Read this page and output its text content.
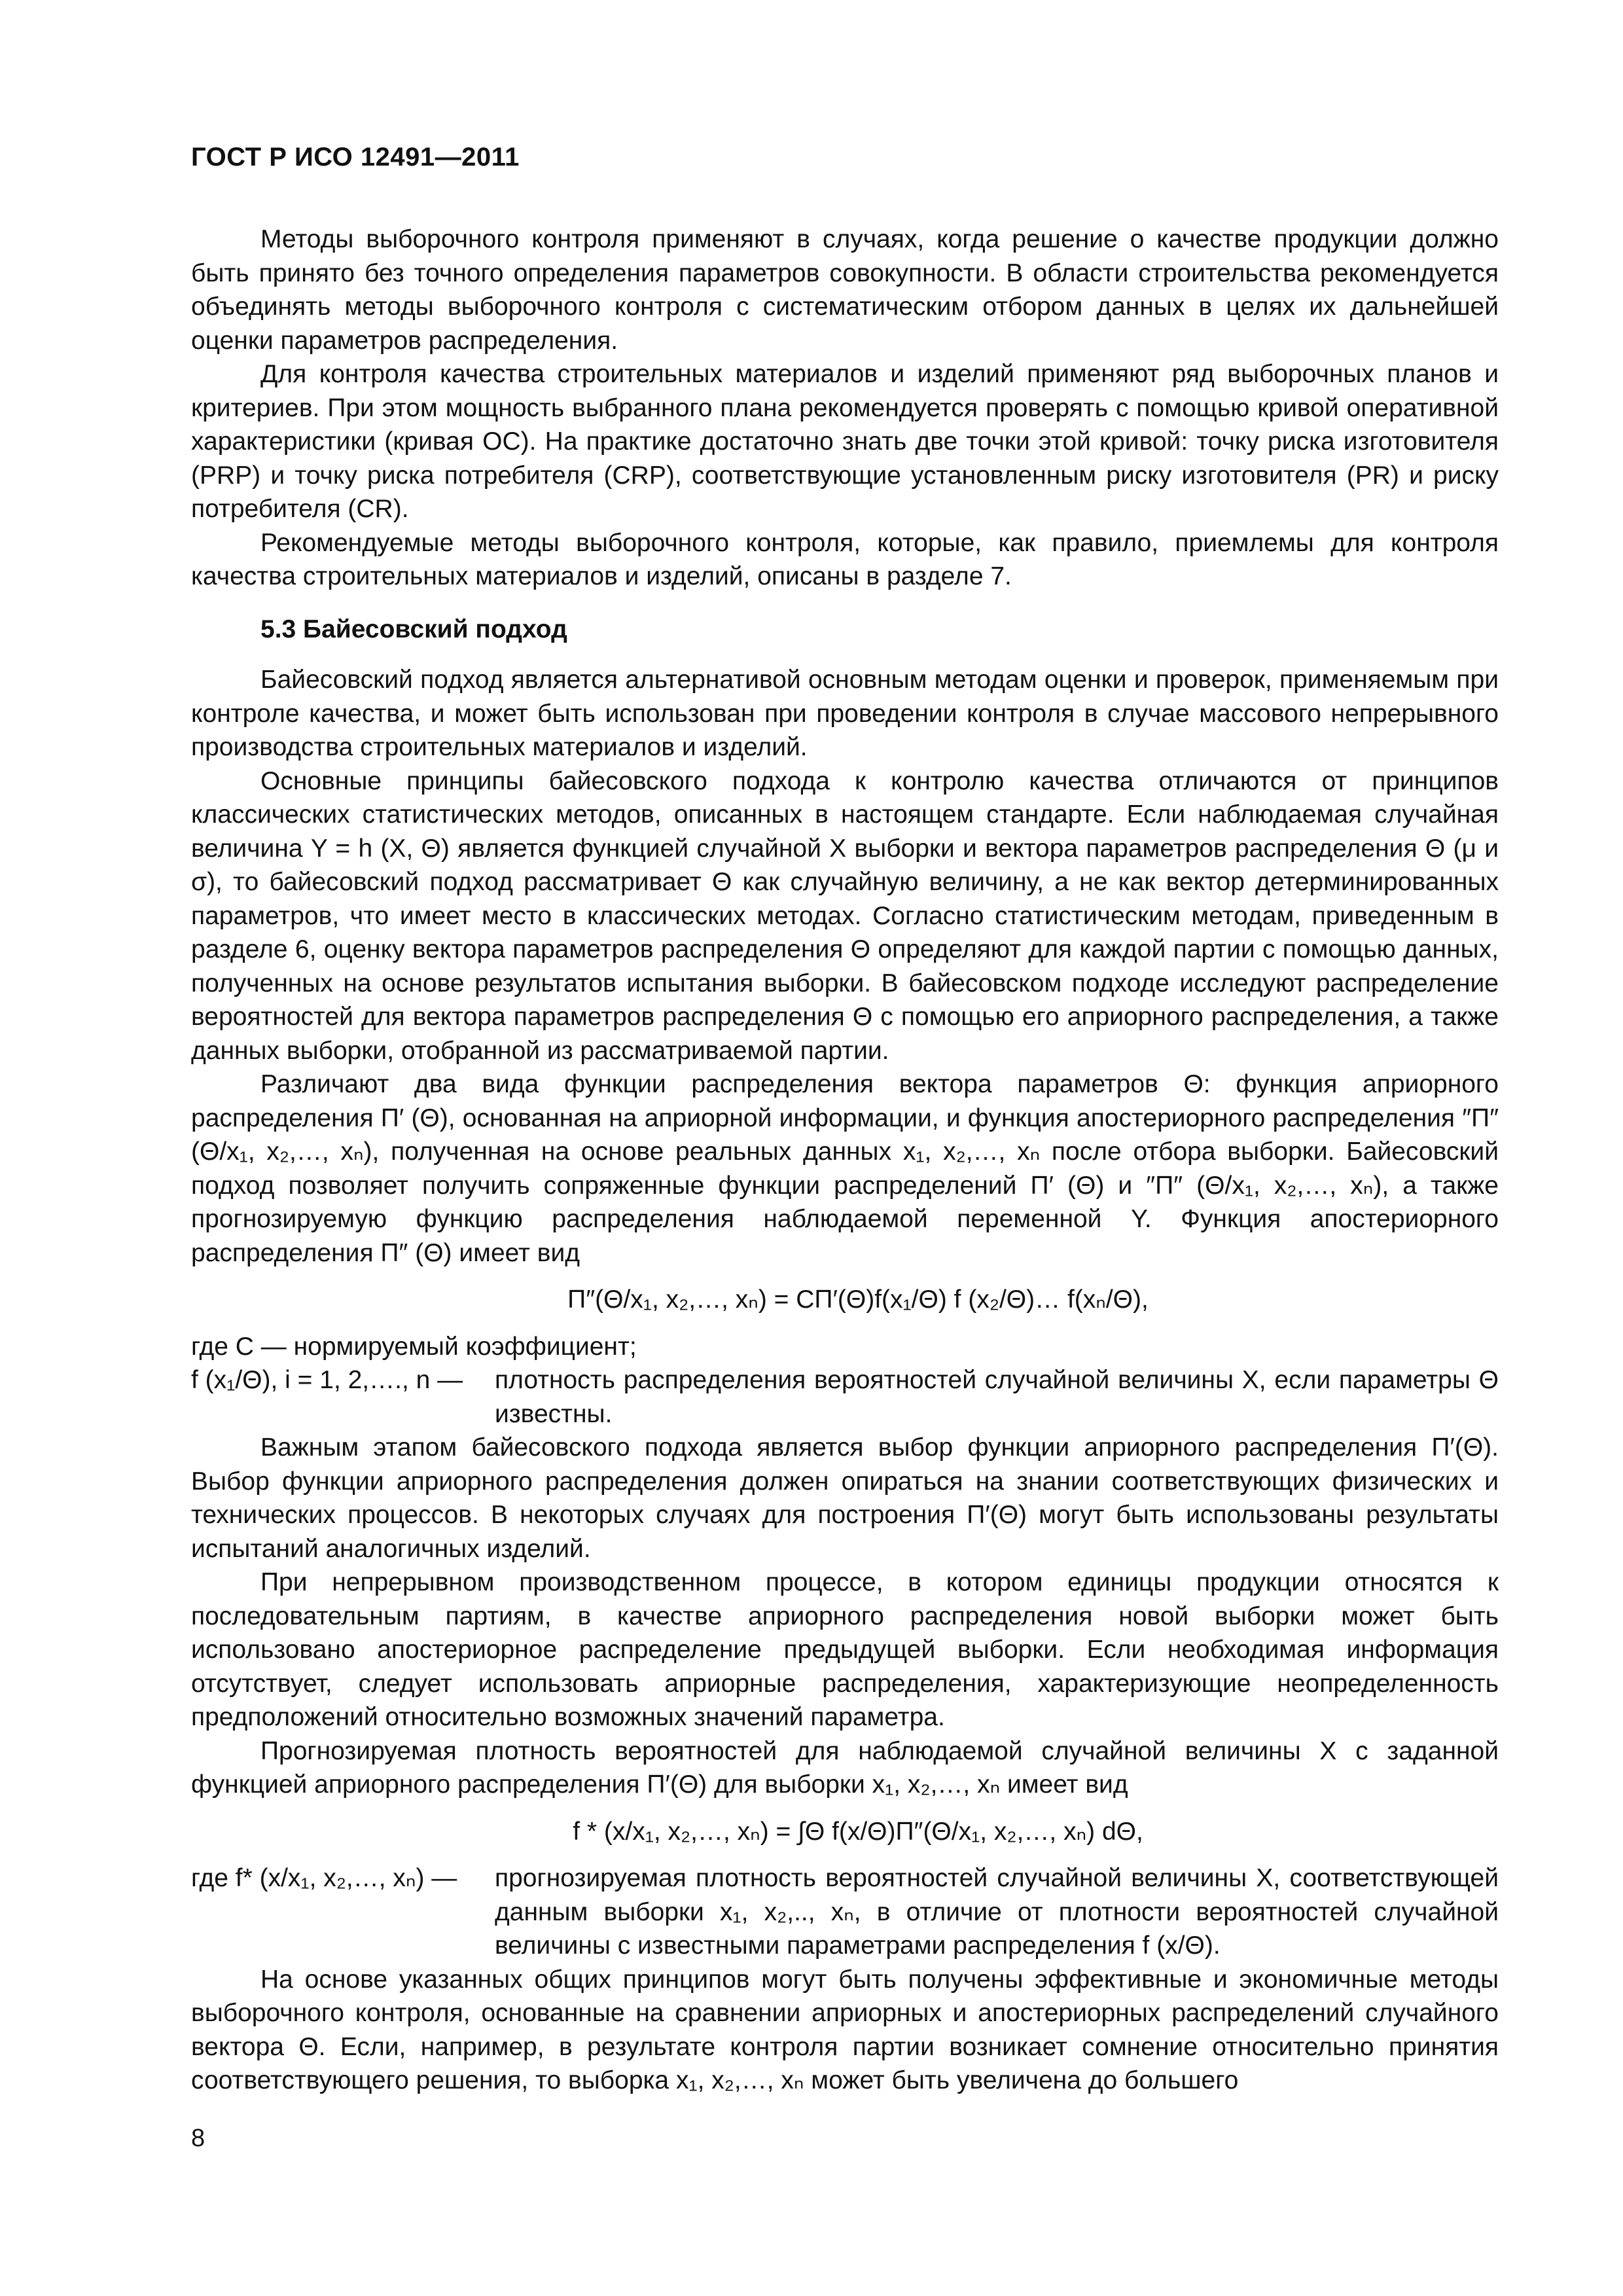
ГОСТ Р ИСО 12491—2011

Методы выборочного контроля применяют в случаях, когда решение о качестве продукции должно быть принято без точного определения параметров совокупности. В области строительства рекомендуется объединять методы выборочного контроля с систематическим отбором данных в целях их дальнейшей оценки параметров распределения.

Для контроля качества строительных материалов и изделий применяют ряд выборочных планов и критериев. При этом мощность выбранного плана рекомендуется проверять с помощью кривой оперативной характеристики (кривая ОС). На практике достаточно знать две точки этой кривой: точку риска изготовителя (PRP) и точку риска потребителя (CRP), соответствующие установленным риску изготовителя (PR) и риску потребителя (CR).

Рекомендуемые методы выборочного контроля, которые, как правило, приемлемы для контроля качества строительных материалов и изделий, описаны в разделе 7.

5.3 Байесовский подход

Байесовский подход является альтернативой основным методам оценки и проверок, применяемым при контроле качества, и может быть использован при проведении контроля в случае массового непрерывного производства строительных материалов и изделий.

Основные принципы байесовского подхода к контролю качества отличаются от принципов классических статистических методов, описанных в настоящем стандарте. Если наблюдаемая случайная величина Y = h (X, Θ) является функцией случайной X выборки и вектора параметров распределения Θ (μ и σ), то байесовский подход рассматривает Θ как случайную величину, а не как вектор детерминированных параметров, что имеет место в классических методах. Согласно статистическим методам, приведенным в разделе 6, оценку вектора параметров распределения Θ определяют для каждой партии с помощью данных, полученных на основе результатов испытания выборки. В байесовском подходе исследуют распределение вероятностей для вектора параметров распределения Θ с помощью его априорного распределения, а также данных выборки, отобранной из рассматриваемой партии.

Различают два вида функции распределения вектора параметров Θ: функция априорного распределения Π′ (Θ), основанная на априорной информации, и функция апостериорного распределения ″Π″ (Θ/x₁, x₂,…, xₙ), полученная на основе реальных данных x₁, x₂,…, xₙ после отбора выборки. Байесовский подход позволяет получить сопряженные функции распределений Π′ (Θ) и ″Π″ (Θ/x₁, x₂,…, xₙ), а также прогнозируемую функцию распределения наблюдаемой переменной Y. Функция апостериорного распределения Π″ (Θ) имеет вид

Π″(Θ/x₁, x₂,…, xₙ) = CΠ′(Θ)f(x₁/Θ) f (x₂/Θ)… f(xₙ/Θ),

где C — нормируемый коэффициент;

f (x₁/Θ), i = 1, 2,…., n —	плотность распределения вероятностей случайной величины X, если параметры Θ известны.

Важным этапом байесовского подхода является выбор функции априорного распределения Π′(Θ). Выбор функции априорного распределения должен опираться на знании соответствующих физических и технических процессов. В некоторых случаях для построения Π′(Θ) могут быть использованы результаты испытаний аналогичных изделий.

При непрерывном производственном процессе, в котором единицы продукции относятся к последовательным партиям, в качестве априорного распределения новой выборки может быть использовано апостериорное распределение предыдущей выборки. Если необходимая информация отсутствует, следует использовать априорные распределения, характеризующие неопределенность предположений относительно возможных значений параметра.

Прогнозируемая плотность вероятностей для наблюдаемой случайной величины X с заданной функцией априорного распределения Π′(Θ) для выборки x₁, x₂,…, xₙ имеет вид

f * (x/x₁, x₂,…, xₙ) = ∫Θ f(x/Θ)Π″(Θ/x₁, x₂,…, xₙ) dΘ,
где f* (x/x₁, x₂,…, xₙ) —	прогнозируемая плотность вероятностей случайной величины X, соответствующей данным выборки x₁, x₂,.., xₙ, в отличие от плотности вероятностей случайной величины с известными параметрами распределения f (x/Θ).

На основе указанных общих принципов могут быть получены эффективные и экономичные методы выборочного контроля, основанные на сравнении априорных и апостериорных распределений случайного вектора Θ. Если, например, в результате контроля партии возникает сомнение относительно принятия соответствующего решения, то выборка x₁, x₂,…, xₙ может быть увеличена до большего

8
